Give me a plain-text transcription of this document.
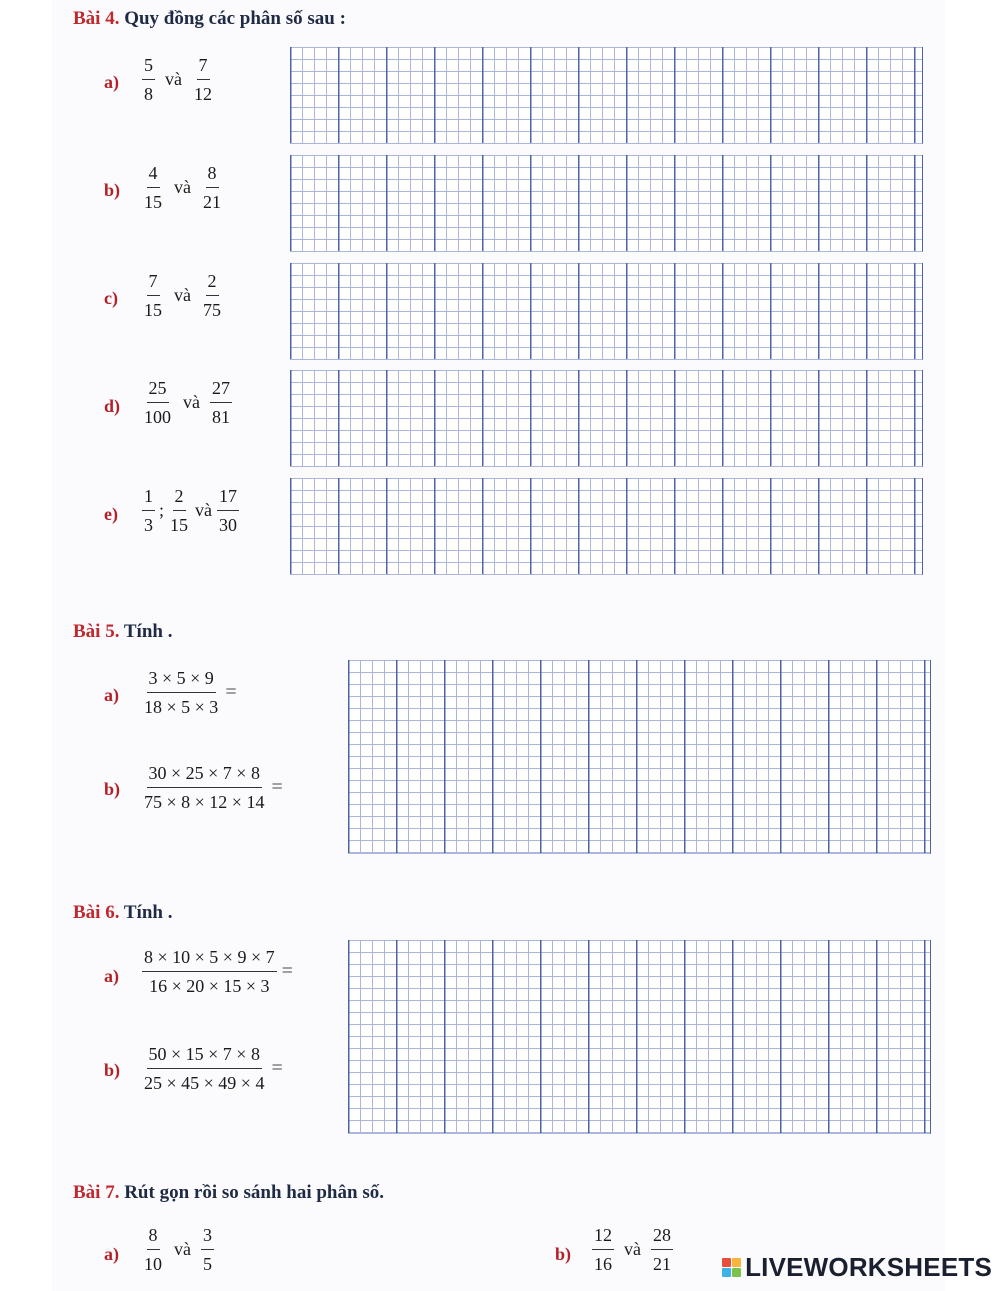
Bài 4. Quy đồng các phân số sau :
$a) \frac{5}{8}$ và $\frac{7}{12}$
$b) \frac{4}{15}$ và $\frac{8}{21}$
$c) \frac{7}{15}$ và $\frac{2}{75}$
$d) \frac{25}{100}$ và $\frac{27}{81}$
$e) \frac{1}{3}$ ; $\frac{2}{15}$ và $\frac{17}{30}$
Bài 5. Tính .
$a) \frac{3 \times 5 \times 9}{18 \times 5 \times 3}$ =
$b) \frac{30 \times 25 \times 7 \times 8}{75 \times 8 \times 12 \times 14}$ =
Bài 6. Tính .
$a) \frac{8 \times 10 \times 5 \times 9 \times 7}{16 \times 20 \times 15 \times 3}$ =
$b) \frac{50 \times 15 \times 7 \times 8}{25 \times 45 \times 49 \times 4}$ =
Bài 7. Rút gọn rồi so sánh hai phân số.
$a) \frac{8}{10}$ và $\frac{3}{5}$	$b) \frac{12}{16}$ và $\frac{28}{21}$	LIVEWORKSHEETS
